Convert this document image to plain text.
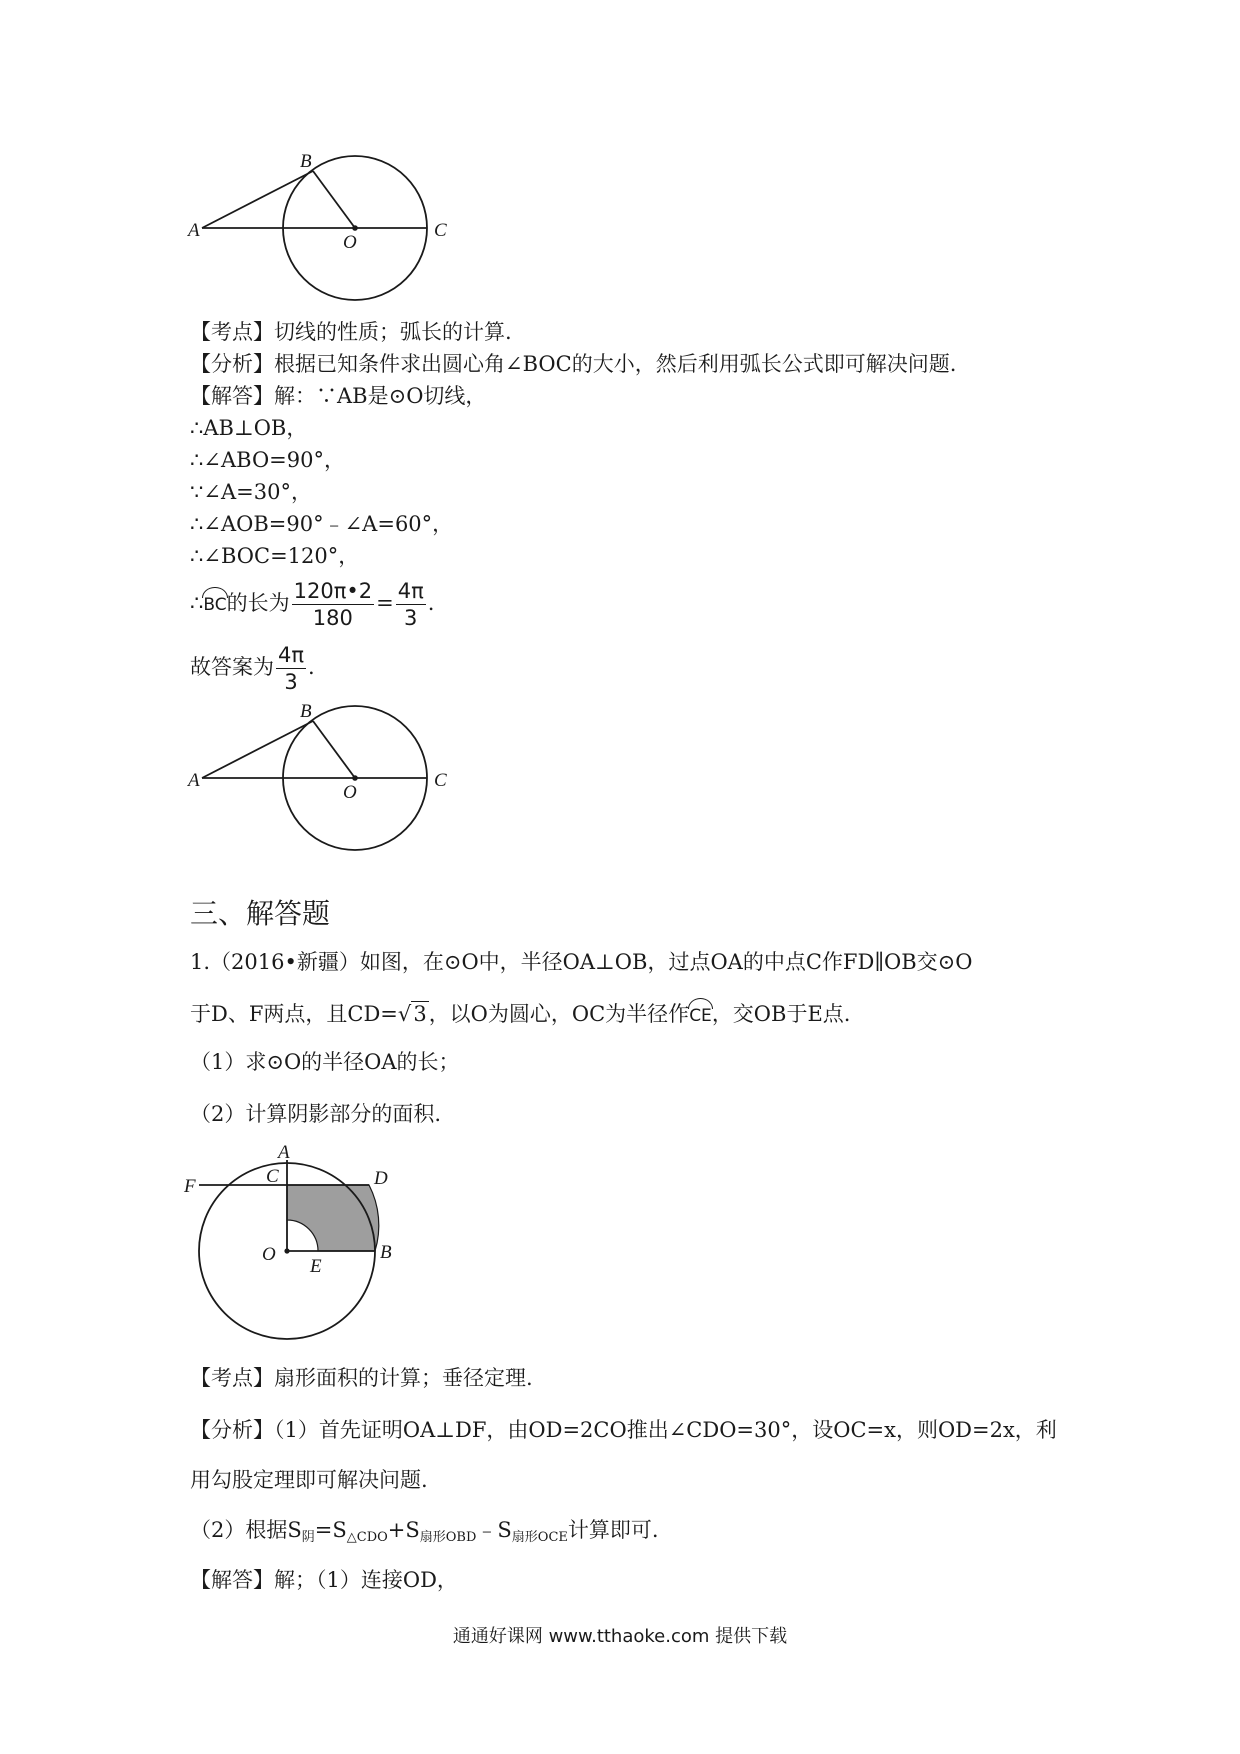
A
B
O
C
【考点】切线的性质；弧长的计算.
【分析】根据已知条件求出圆心角∠BOC的大小，然后利用弧长公式即可解决问题.
【解答】解：∵AB是⊙O切线，
∴AB⊥OB，
∴∠ABO=90°，
∵∠A=30°，
∴∠AOB=90°﹣∠A=60°，
∴∠BOC=120°，
∴BC的长为 $\frac{120\pi•2}{180} = \frac{4\pi}{3}$ .
故答案为 $\frac{4\pi}{3}$ .
A
B
O
C
三、解答题
1.（2016•新疆）如图，在⊙O中，半径OA⊥OB，过点OA的中点C作FD∥OB交⊙O
于D、F两点，且CD=√3，以O为圆心，OC为半径作CE，交OB于E点.
（1）求⊙O的半径OA的长；
（2）计算阴影部分的面积.
A
C	D
F
O
E
B
【考点】扇形面积的计算；垂径定理.
【分析】（1）首先证明OA⊥DF，由OD=2CO推出∠CDO=30°，设OC=x，则OD=2x，利
用勾股定理即可解决问题.
（2）根据$S_阴=S_{\triangle CDO}+S_{扇形OBD}﹣S_{扇形OCE}$计算即可.
【解答】解；（1）连接OD，
通通好课网 www.tthaoke.com 提供下载
